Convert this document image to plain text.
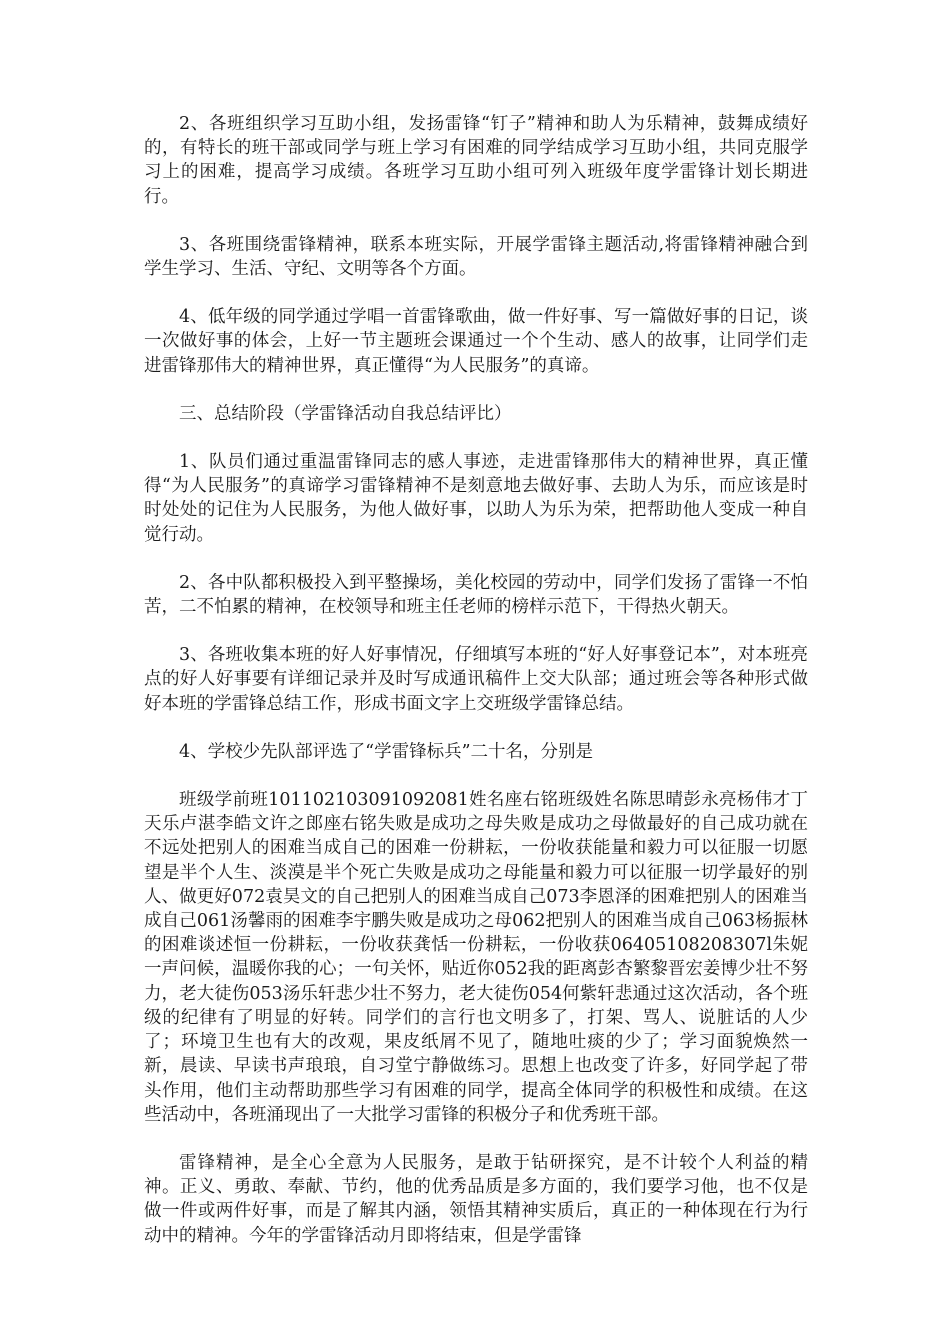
2、各班组织学习互助小组，发扬雷锋“钉子”精神和助人为乐精神，鼓舞成绩好的，有特长的班干部或同学与班上学习有困难的同学结成学习互助小组，共同克服学习上的困难，提高学习成绩。各班学习互助小组可列入班级年度学雷锋计划长期进行。

3、各班围绕雷锋精神，联系本班实际，开展学雷锋主题活动,将雷锋精神融合到学生学习、生活、守纪、文明等各个方面。

4、低年级的同学通过学唱一首雷锋歌曲，做一件好事、写一篇做好事的日记，谈一次做好事的体会，上好一节主题班会课通过一个个生动、感人的故事，让同学们走进雷锋那伟大的精神世界，真正懂得“为人民服务”的真谛。

三、总结阶段（学雷锋活动自我总结评比）

1、队员们通过重温雷锋同志的感人事迹，走进雷锋那伟大的精神世界，真正懂得“为人民服务”的真谛学习雷锋精神不是刻意地去做好事、去助人为乐，而应该是时时处处的记住为人民服务，为他人做好事，以助人为乐为荣，把帮助他人变成一种自觉行动。

2、各中队都积极投入到平整操场，美化校园的劳动中，同学们发扬了雷锋一不怕苦，二不怕累的精神，在校领导和班主任老师的榜样示范下，干得热火朝天。

3、各班收集本班的好人好事情况，仔细填写本班的“好人好事登记本”，对本班亮点的好人好事要有详细记录并及时写成通讯稿件上交大队部；通过班会等各种形式做好本班的学雷锋总结工作，形成书面文字上交班级学雷锋总结。

4、学校少先队部评选了“学雷锋标兵”二十名，分别是

班级学前班101102103091092081姓名座右铭班级姓名陈思晴彭永亮杨伟才丁天乐卢湛李皓文许之郎座右铭失败是成功之母失败是成功之母做最好的自己成功就在不远处把别人的困难当成自己的困难一份耕耘，一份收获能量和毅力可以征服一切愿望是半个人生、淡漠是半个死亡失败是成功之母能量和毅力可以征服一切学最好的别人、做更好072袁昊文的自己把别人的困难当成自己073李恩泽的困难把别人的困难当成自己061汤馨雨的困难李宇鹏失败是成功之母062把别人的困难当成自己063杨振林的困难谈述恒一份耕耘，一份收获龚恬一份耕耘，一份收获06405108208307l朱妮一声问候，温暖你我的心；一句关怀，贴近你052我的距离彭杏繁黎晋宏姜博少壮不努力，老大徒伤053汤乐轩悲少壮不努力，老大徒伤054何紫轩悲通过这次活动，各个班级的纪律有了明显的好转。同学们的言行也文明多了，打架、骂人、说脏话的人少了；环境卫生也有大的改观，果皮纸屑不见了，随地吐痰的少了；学习面貌焕然一新，晨读、早读书声琅琅，自习堂宁静做练习。思想上也改变了许多，好同学起了带头作用，他们主动帮助那些学习有困难的同学，提高全体同学的积极性和成绩。在这些活动中，各班涌现出了一大批学习雷锋的积极分子和优秀班干部。

雷锋精神，是全心全意为人民服务，是敢于钻研探究，是不计较个人利益的精神。正义、勇敢、奉献、节约，他的优秀品质是多方面的，我们要学习他，也不仅是做一件或两件好事，而是了解其内涵，领悟其精神实质后，真正的一种体现在行为行动中的精神。今年的学雷锋活动月即将结束，但是学雷锋
